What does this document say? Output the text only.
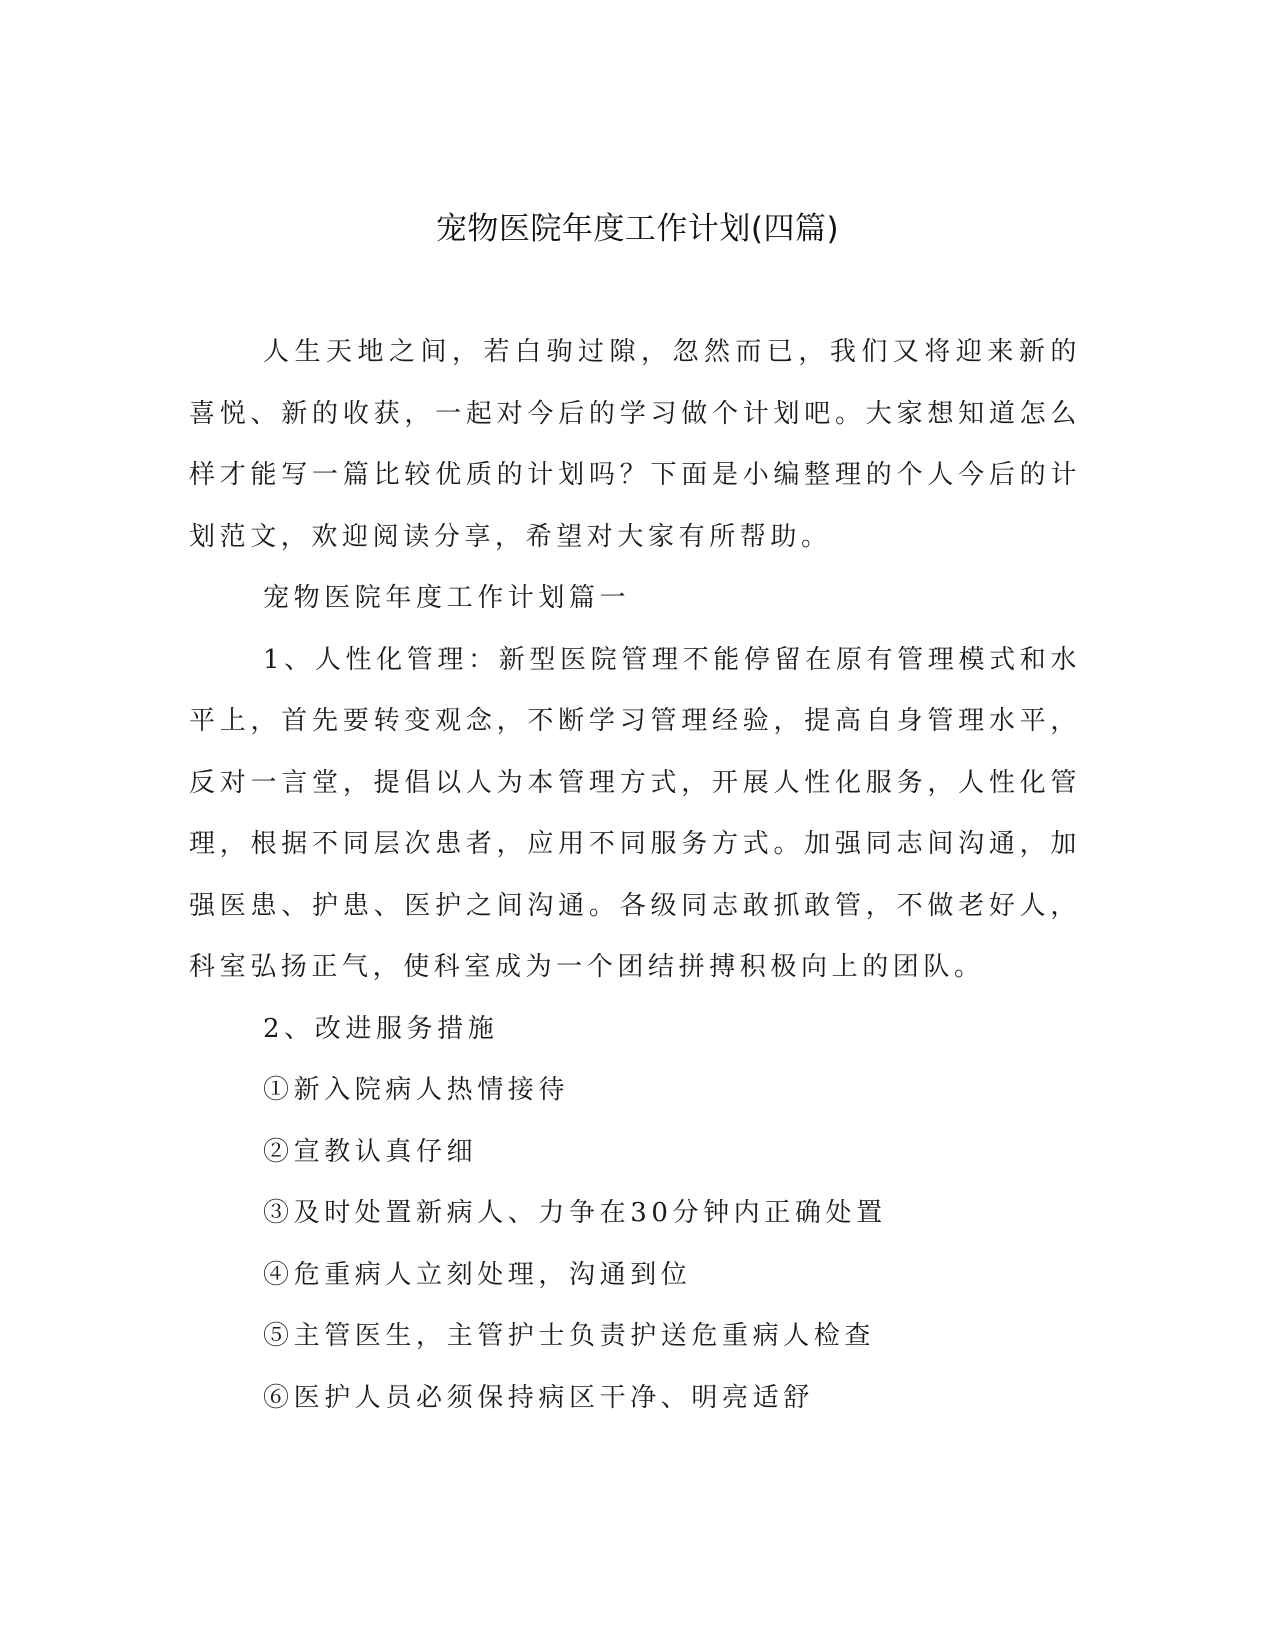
宠物医院年度工作计划(四篇)

人生天地之间，若白驹过隙，忽然而已，我们又将迎来新的喜悦、新的收获，一起对今后的学习做个计划吧。大家想知道怎么样才能写一篇比较优质的计划吗？下面是小编整理的个人今后的计划范文，欢迎阅读分享，希望对大家有所帮助。

宠物医院年度工作计划篇一

1、人性化管理：新型医院管理不能停留在原有管理模式和水平上，首先要转变观念，不断学习管理经验，提高自身管理水平，反对一言堂，提倡以人为本管理方式，开展人性化服务，人性化管理，根据不同层次患者，应用不同服务方式。加强同志间沟通，加强医患、护患、医护之间沟通。各级同志敢抓敢管，不做老好人，科室弘扬正气，使科室成为一个团结拼搏积极向上的团队。

2、改进服务措施

①新入院病人热情接待

②宣教认真仔细

③及时处置新病人、力争在30分钟内正确处置

④危重病人立刻处理，沟通到位

⑤主管医生，主管护士负责护送危重病人检查

⑥医护人员必须保持病区干净、明亮适舒
